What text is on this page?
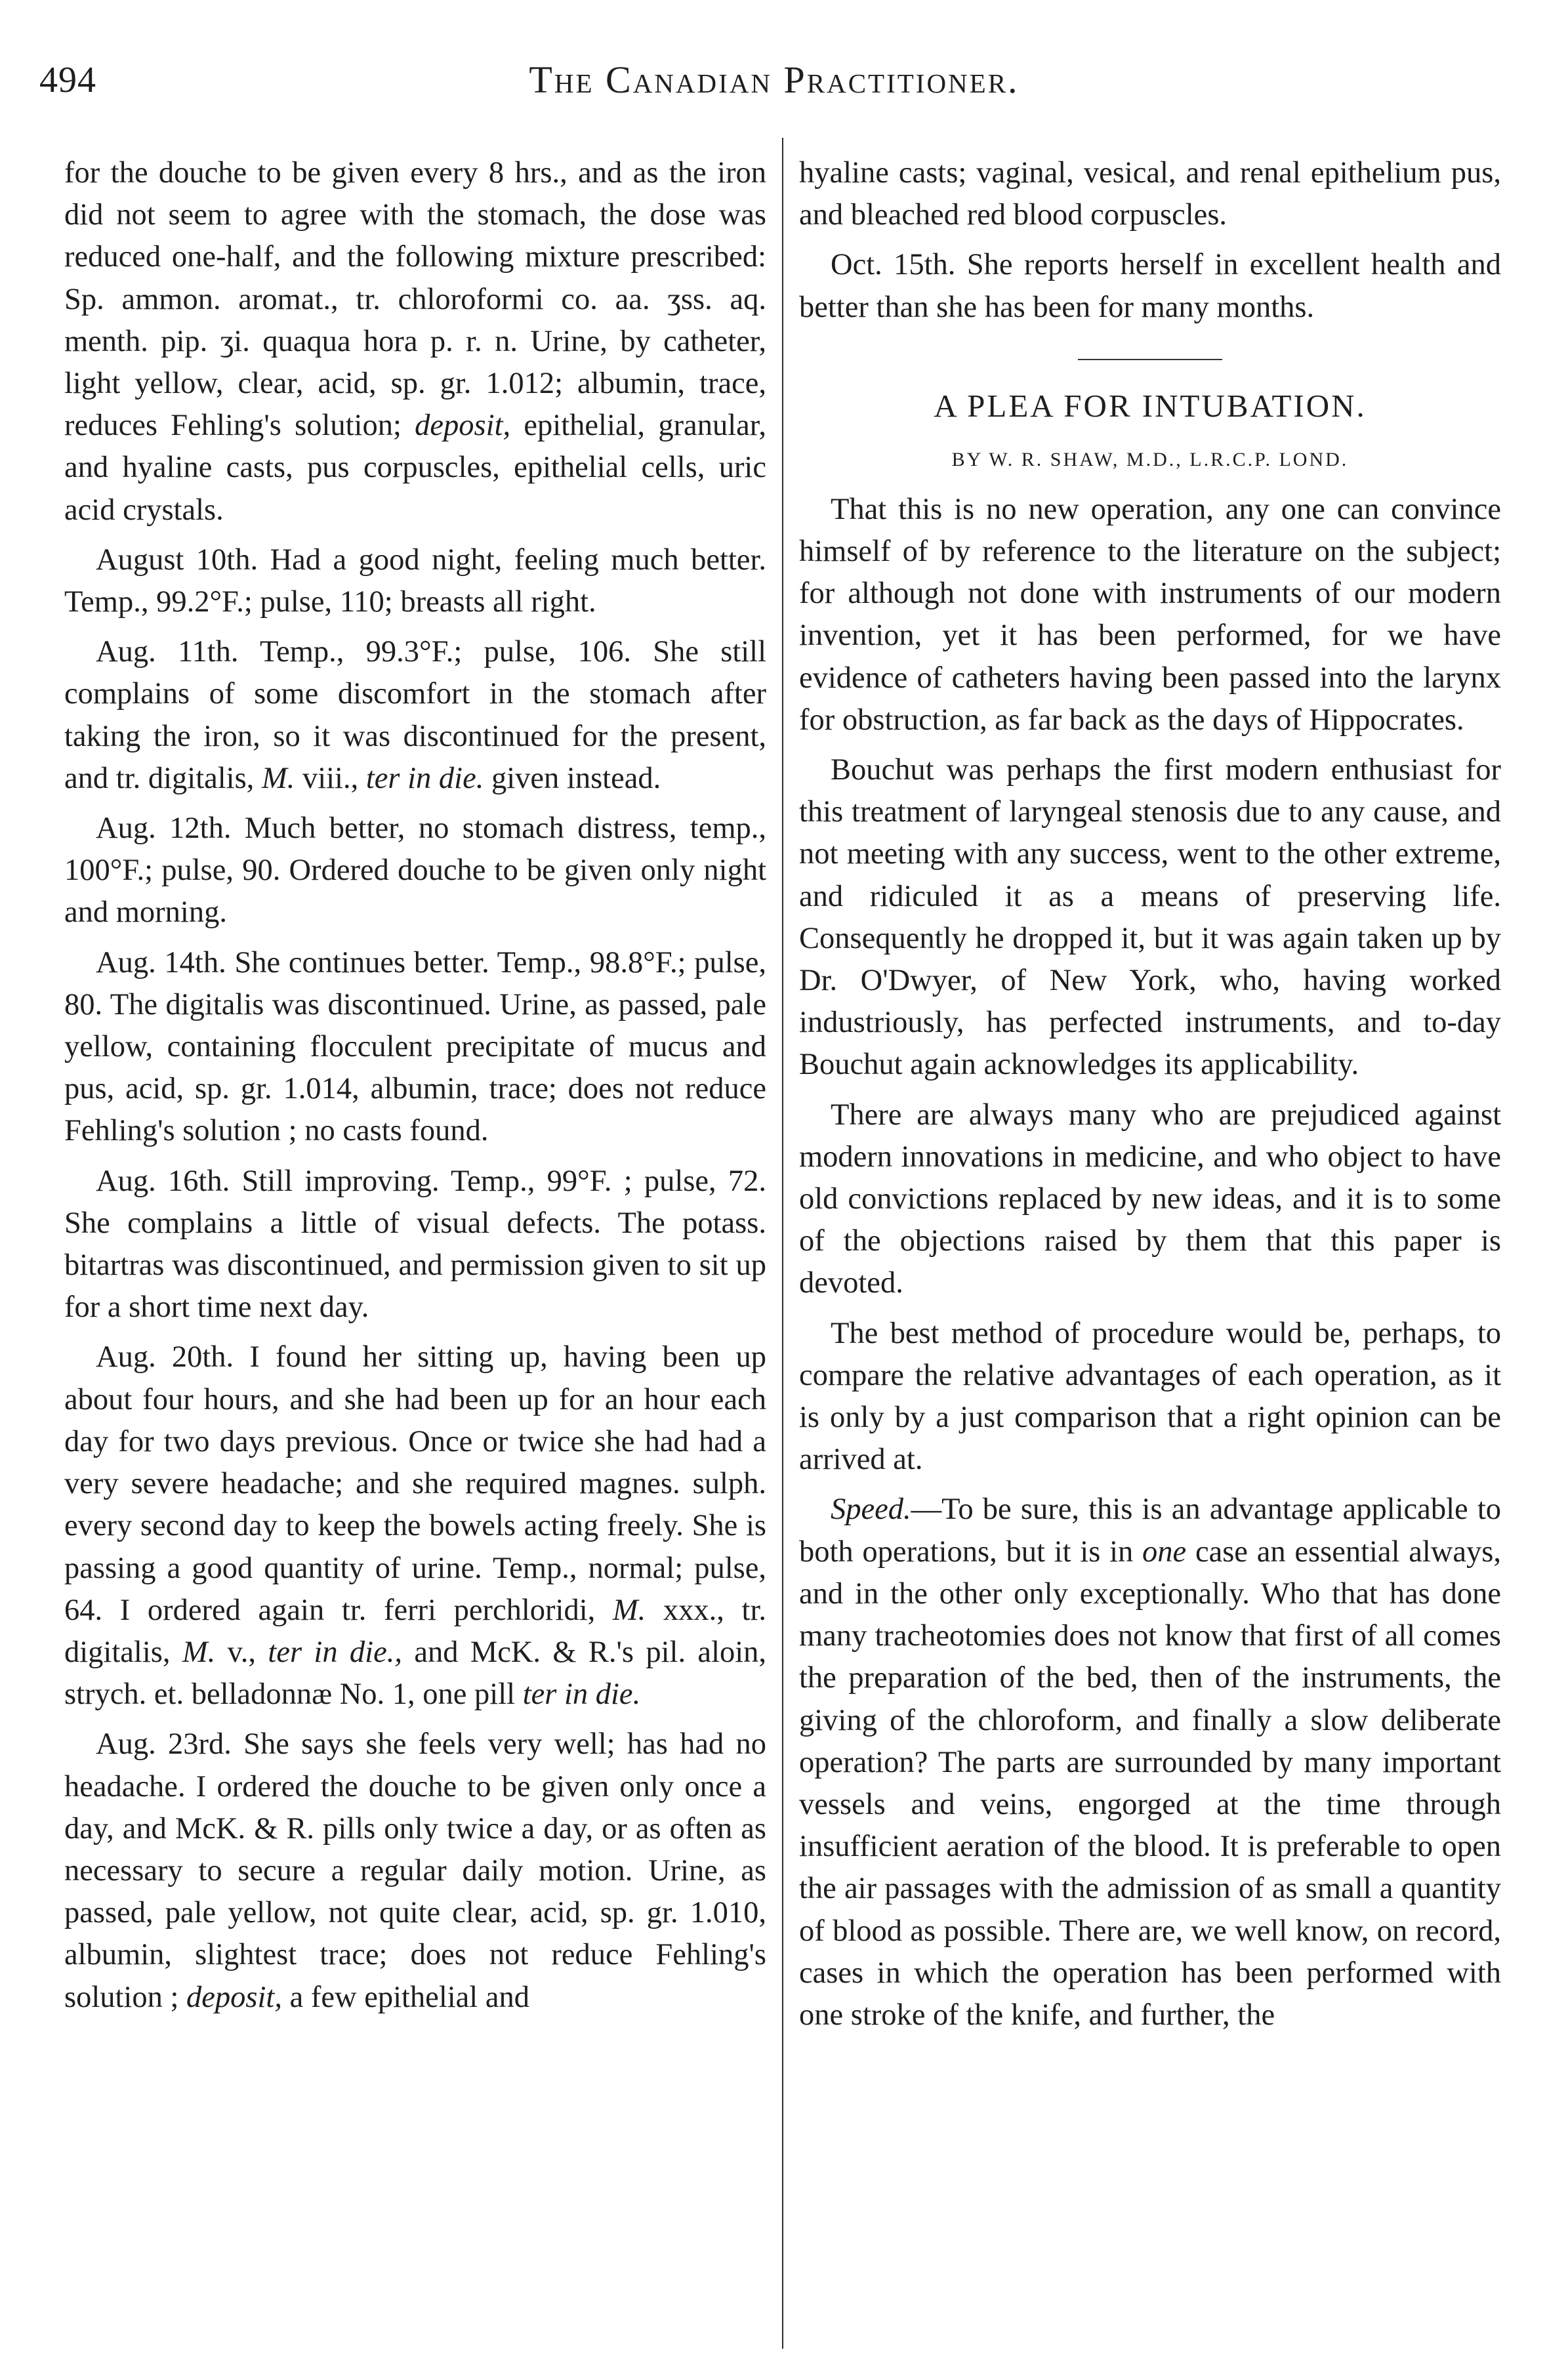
494	The Canadian Practitioner.

for the douche to be given every 8 hrs., and as the iron did not seem to agree with the stomach, the dose was reduced one-half, and the following mixture prescribed: Sp. ammon. aromat., tr. chloroformi co. aa. ʒss. aq. menth. pip. ʒi. quaqua hora p. r. n. Urine, by catheter, light yellow, clear, acid, sp. gr. 1.012; albumin, trace, reduces Fehling's solution; deposit, epithelial, granular, and hyaline casts, pus corpuscles, epithelial cells, uric acid crystals.

August 10th. Had a good night, feeling much better. Temp., 99.2°F.; pulse, 110; breasts all right.

Aug. 11th. Temp., 99.3°F.; pulse, 106. She still complains of some discomfort in the stomach after taking the iron, so it was discontinued for the present, and tr. digitalis, M. viii., ter in die. given instead.

Aug. 12th. Much better, no stomach distress, temp., 100°F.; pulse, 90. Ordered douche to be given only night and morning.

Aug. 14th. She continues better. Temp., 98.8°F.; pulse, 80. The digitalis was discontinued. Urine, as passed, pale yellow, containing flocculent precipitate of mucus and pus, acid, sp. gr. 1.014, albumin, trace; does not reduce Fehling's solution ; no casts found.

Aug. 16th. Still improving. Temp., 99°F. ; pulse, 72. She complains a little of visual defects. The potass. bitartras was discontinued, and permission given to sit up for a short time next day.

Aug. 20th. I found her sitting up, having been up about four hours, and she had been up for an hour each day for two days previous. Once or twice she had had a very severe headache; and she required magnes. sulph. every second day to keep the bowels acting freely. She is passing a good quantity of urine. Temp., normal; pulse, 64. I ordered again tr. ferri perchloridi, M. xxx., tr. digitalis, M. v., ter in die., and McK. & R.'s pil. aloin, strych. et. belladonnæ No. 1, one pill ter in die.

Aug. 23rd. She says she feels very well; has had no headache. I ordered the douche to be given only once a day, and McK. & R. pills only twice a day, or as often as necessary to secure a regular daily motion. Urine, as passed, pale yellow, not quite clear, acid, sp. gr. 1.010, albumin, slightest trace; does not reduce Fehling's solution ; deposit, a few epithelial and

hyaline casts; vaginal, vesical, and renal epithelium pus, and bleached red blood corpuscles.

Oct. 15th. She reports herself in excellent health and better than she has been for many months.

A PLEA FOR INTUBATION.
BY W. R. SHAW, M.D., L.R.C.P. LOND.

That this is no new operation, any one can convince himself of by reference to the literature on the subject; for although not done with instruments of our modern invention, yet it has been performed, for we have evidence of catheters having been passed into the larynx for obstruction, as far back as the days of Hippocrates.

Bouchut was perhaps the first modern enthusiast for this treatment of laryngeal stenosis due to any cause, and not meeting with any success, went to the other extreme, and ridiculed it as a means of preserving life. Consequently he dropped it, but it was again taken up by Dr. O'Dwyer, of New York, who, having worked industriously, has perfected instruments, and to-day Bouchut again acknowledges its applicability.

There are always many who are prejudiced against modern innovations in medicine, and who object to have old convictions replaced by new ideas, and it is to some of the objections raised by them that this paper is devoted.

The best method of procedure would be, perhaps, to compare the relative advantages of each operation, as it is only by a just comparison that a right opinion can be arrived at.

Speed.—To be sure, this is an advantage applicable to both operations, but it is in one case an essential always, and in the other only exceptionally. Who that has done many tracheotomies does not know that first of all comes the preparation of the bed, then of the instruments, the giving of the chloroform, and finally a slow deliberate operation? The parts are surrounded by many important vessels and veins, engorged at the time through insufficient aeration of the blood. It is preferable to open the air passages with the admission of as small a quantity of blood as possible. There are, we well know, on record, cases in which the operation has been performed with one stroke of the knife, and further, the
